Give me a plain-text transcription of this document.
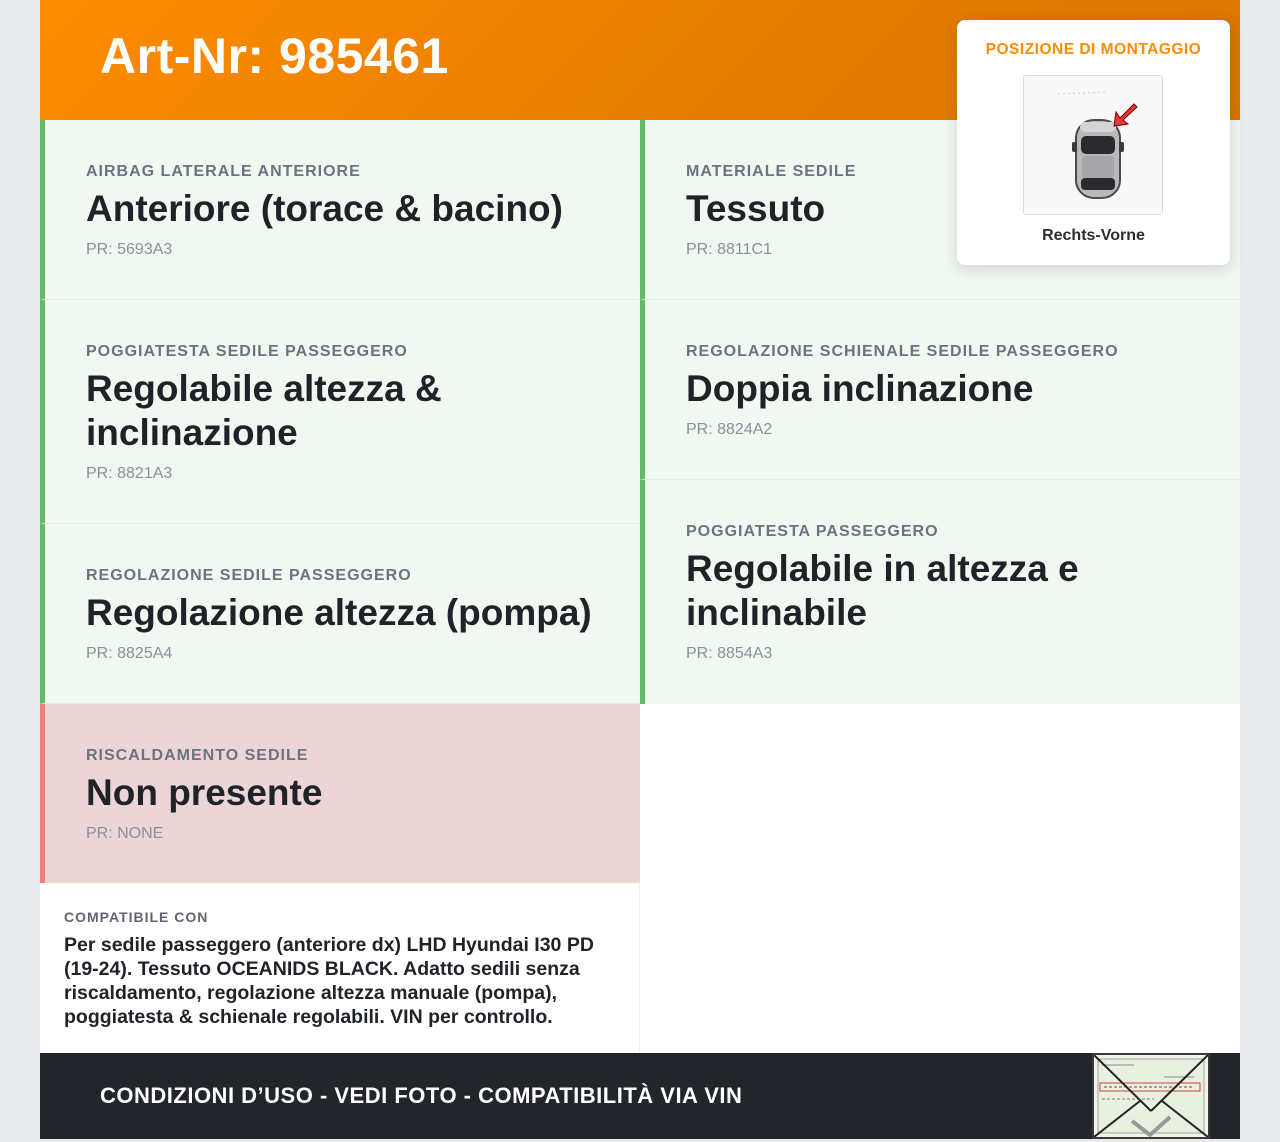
Art-Nr: 985461
AIRBAG LATERALE ANTERIORE
Anteriore (torace & bacino)
PR: 5693A3
MATERIALE SEDILE
Tessuto
PR: 8811C1
POGGIATESTA SEDILE PASSEGGERO
Regolabile altezza & inclinazione
PR: 8821A3
REGOLAZIONE SCHIENALE SEDILE PASSEGGERO
Doppia inclinazione
PR: 8824A2
REGOLAZIONE SEDILE PASSEGGERO
Regolazione altezza (pompa)
PR: 8825A4
POGGIATESTA PASSEGGERO
Regolabile in altezza e inclinabile
PR: 8854A3
RISCALDAMENTO SEDILE
Non presente
PR: NONE
COMPATIBILE CON
Per sedile passeggero (anteriore dx) LHD Hyundai I30 PD (19-24). Tessuto OCEANIDS BLACK. Adatto sedili senza riscaldamento, regolazione altezza manuale (pompa), poggiatesta & schienale regolabili. VIN per controllo.
CONDIZIONI D’USO - VEDI FOTO - COMPATIBILITÀ VIA VIN
POSIZIONE DI MONTAGGIO
Rechts-Vorne
